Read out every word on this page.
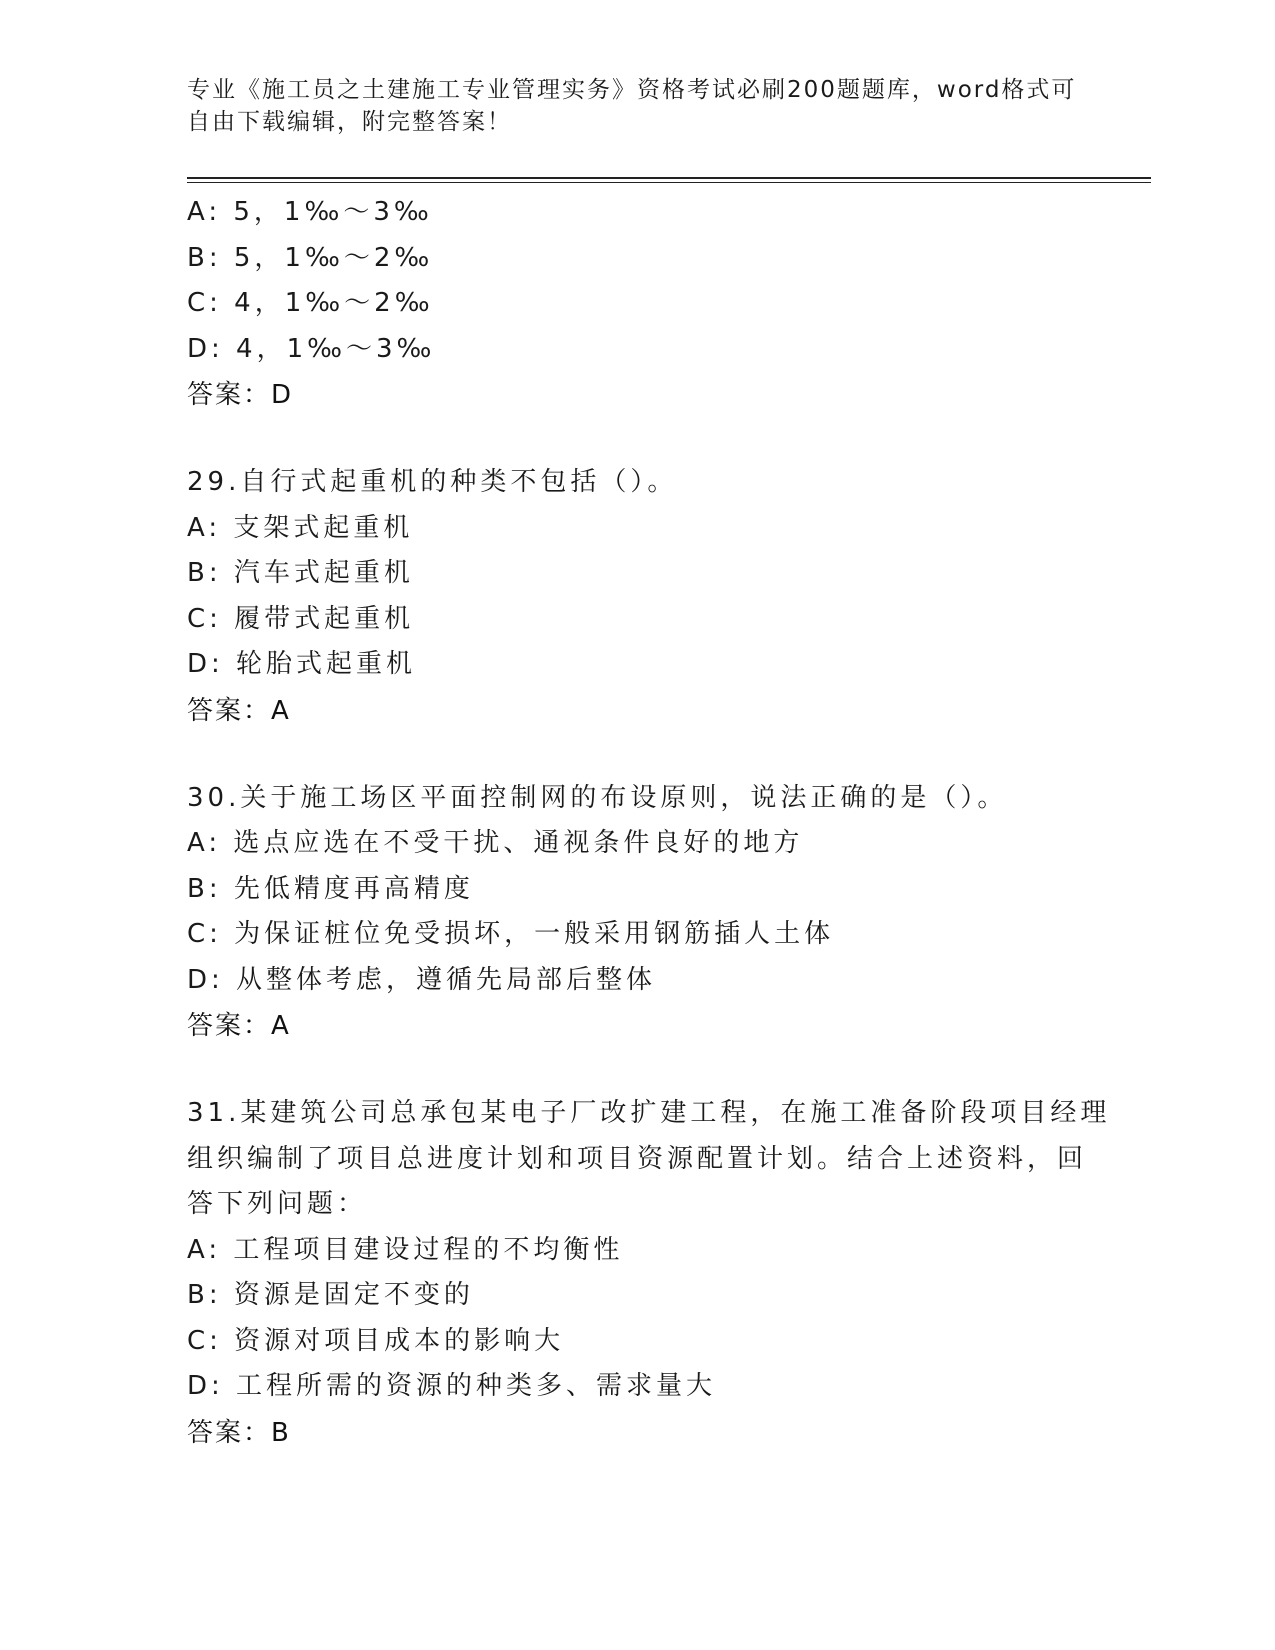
专业《施工员之土建施工专业管理实务》资格考试必刷200题题库，word格式可
自由下载编辑，附完整答案！
A: 5，1‰～3‰
B: 5，1‰～2‰
C: 4，1‰～2‰
D: 4，1‰～3‰
答案：D
29.自行式起重机的种类不包括（）。
A: 支架式起重机
B: 汽车式起重机
C: 履带式起重机
D: 轮胎式起重机
答案：A
30.关于施工场区平面控制网的布设原则，说法正确的是（）。
A: 选点应选在不受干扰、通视条件良好的地方
B: 先低精度再高精度
C: 为保证桩位免受损坏，一般采用钢筋插人土体
D: 从整体考虑，遵循先局部后整体
答案：A
31.某建筑公司总承包某电子厂改扩建工程，在施工准备阶段项目经理
组织编制了项目总进度计划和项目资源配置计划。结合上述资料，回
答下列问题：
A: 工程项目建设过程的不均衡性
B: 资源是固定不变的
C: 资源对项目成本的影响大
D: 工程所需的资源的种类多、需求量大
答案：B
